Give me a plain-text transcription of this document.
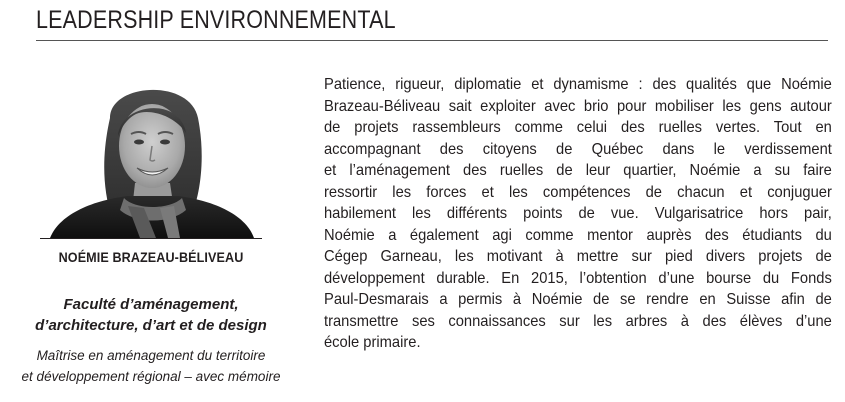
LEADERSHIP ENVIRONNEMENTAL
NOÉMIE BRAZEAU-BÉLIVEAU
Faculté d’aménagement,
d’architecture, d’art et de design
Maîtrise en aménagement du territoire
et développement régional – avec mémoire
Patience, rigueur, diplomatie et dynamisme : des qualités que Noémie
Brazeau-Béliveau sait exploiter avec brio pour mobiliser les gens autour
de projets rassembleurs comme celui des ruelles vertes. Tout en
accompagnant des citoyens de Québec dans le verdissement
et l’aménagement des ruelles de leur quartier, Noémie a su faire
ressortir les forces et les compétences de chacun et conjuguer
habilement les différents points de vue. Vulgarisatrice hors pair,
Noémie a également agi comme mentor auprès des étudiants du
Cégep Garneau, les motivant à mettre sur pied divers projets de
développement durable. En 2015, l’obtention d’une bourse du Fonds
Paul-Desmarais a permis à Noémie de se rendre en Suisse afin de
transmettre ses connaissances sur les arbres à des élèves d’une
école primaire.
